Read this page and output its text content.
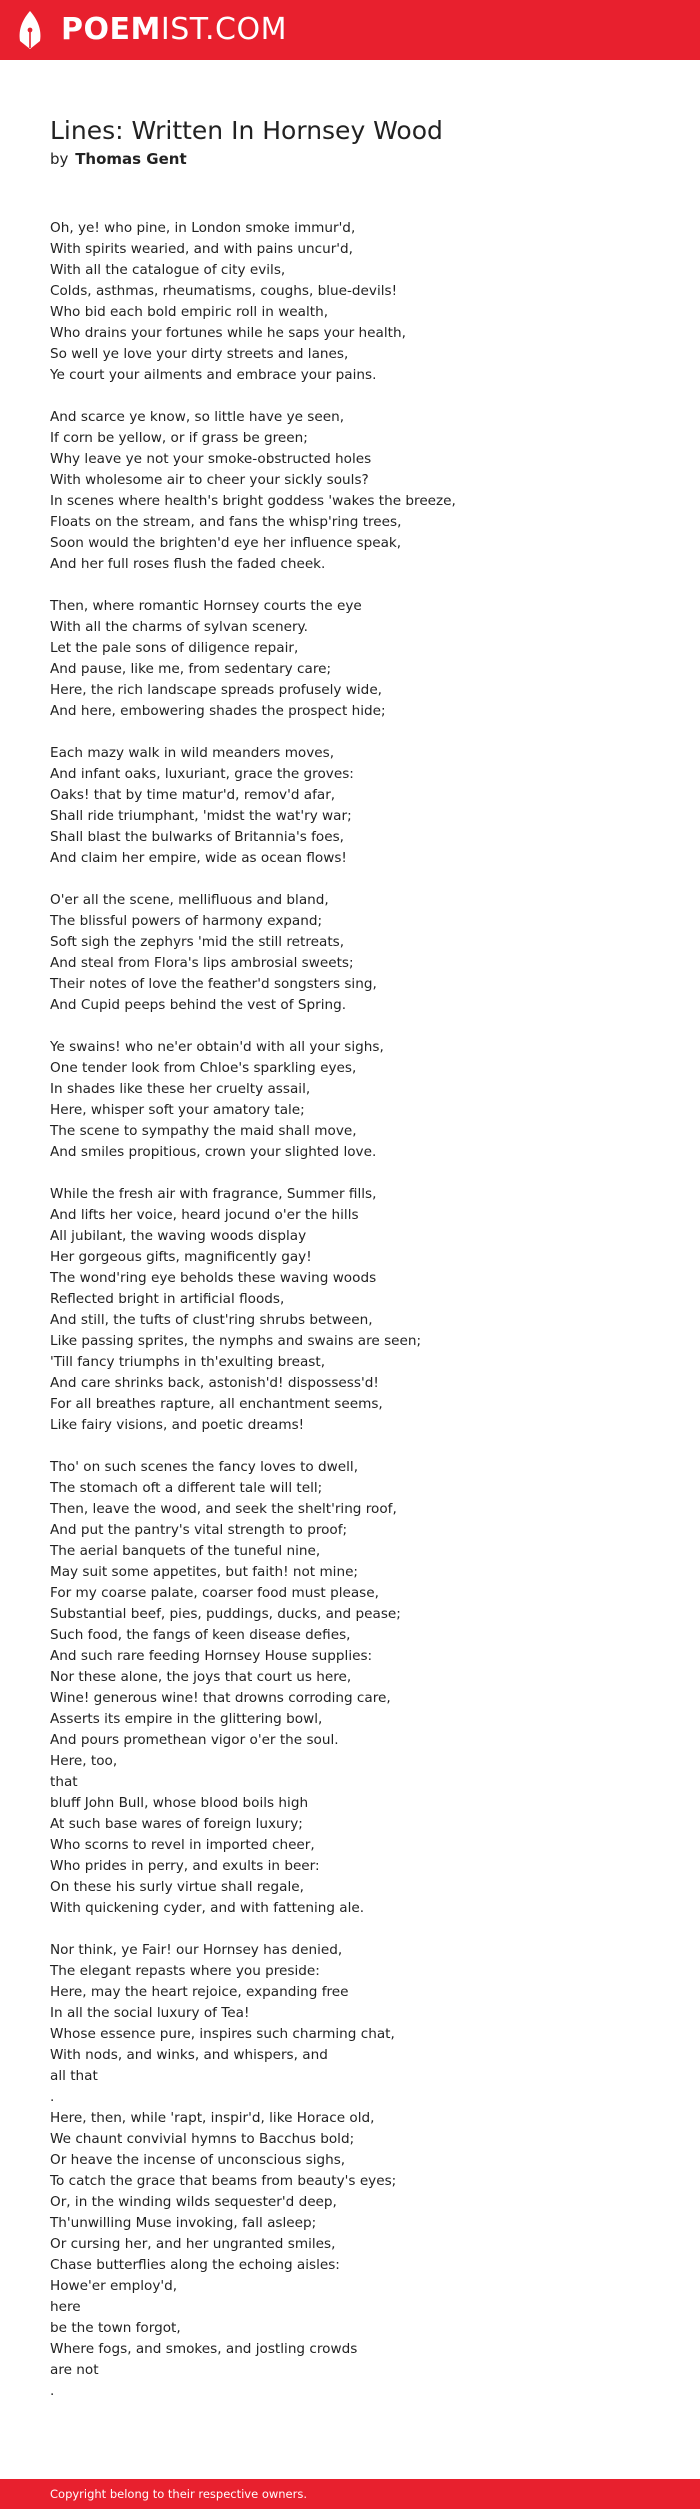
POEMIST.COM
Lines: Written In Hornsey Wood
by Thomas Gent
Oh, ye! who pine, in London smoke immur'd,
With spirits wearied, and with pains uncur'd,
With all the catalogue of city evils,
Colds, asthmas, rheumatisms, coughs, blue-devils!
Who bid each bold empiric roll in wealth,
Who drains your fortunes while he saps your health,
So well ye love your dirty streets and lanes,
Ye court your ailments and embrace your pains.
And scarce ye know, so little have ye seen,
If corn be yellow, or if grass be green;
Why leave ye not your smoke-obstructed holes
With wholesome air to cheer your sickly souls?
In scenes where health's bright goddess 'wakes the breeze,
Floats on the stream, and fans the whisp'ring trees,
Soon would the brighten'd eye her influence speak,
And her full roses flush the faded cheek.
Then, where romantic Hornsey courts the eye
With all the charms of sylvan scenery.
Let the pale sons of diligence repair,
And pause, like me, from sedentary care;
Here, the rich landscape spreads profusely wide,
And here, embowering shades the prospect hide;
Each mazy walk in wild meanders moves,
And infant oaks, luxuriant, grace the groves:
Oaks! that by time matur'd, remov'd afar,
Shall ride triumphant, 'midst the wat'ry war;
Shall blast the bulwarks of Britannia's foes,
And claim her empire, wide as ocean flows!
O'er all the scene, mellifluous and bland,
The blissful powers of harmony expand;
Soft sigh the zephyrs 'mid the still retreats,
And steal from Flora's lips ambrosial sweets;
Their notes of love the feather'd songsters sing,
And Cupid peeps behind the vest of Spring.
Ye swains! who ne'er obtain'd with all your sighs,
One tender look from Chloe's sparkling eyes,
In shades like these her cruelty assail,
Here, whisper soft your amatory tale;
The scene to sympathy the maid shall move,
And smiles propitious, crown your slighted love.
While the fresh air with fragrance, Summer fills,
And lifts her voice, heard jocund o'er the hills
All jubilant, the waving woods display
Her gorgeous gifts, magnificently gay!
The wond'ring eye beholds these waving woods
Reflected bright in artificial floods,
And still, the tufts of clust'ring shrubs between,
Like passing sprites, the nymphs and swains are seen;
'Till fancy triumphs in th'exulting breast,
And care shrinks back, astonish'd! dispossess'd!
For all breathes rapture, all enchantment seems,
Like fairy visions, and poetic dreams!
Tho' on such scenes the fancy loves to dwell,
The stomach oft a different tale will tell;
Then, leave the wood, and seek the shelt'ring roof,
And put the pantry's vital strength to proof;
The aerial banquets of the tuneful nine,
May suit some appetites, but faith! not mine;
For my coarse palate, coarser food must please,
Substantial beef, pies, puddings, ducks, and pease;
Such food, the fangs of keen disease defies,
And such rare feeding Hornsey House supplies:
Nor these alone, the joys that court us here,
Wine! generous wine! that drowns corroding care,
Asserts its empire in the glittering bowl,
And pours promethean vigor o'er the soul.
Here, too,
that
bluff John Bull, whose blood boils high
At such base wares of foreign luxury;
Who scorns to revel in imported cheer,
Who prides in perry, and exults in beer:
On these his surly virtue shall regale,
With quickening cyder, and with fattening ale.
Nor think, ye Fair! our Hornsey has denied,
The elegant repasts where you preside:
Here, may the heart rejoice, expanding free
In all the social luxury of Tea!
Whose essence pure, inspires such charming chat,
With nods, and winks, and whispers, and
all that
.
Here, then, while 'rapt, inspir'd, like Horace old,
We chaunt convivial hymns to Bacchus bold;
Or heave the incense of unconscious sighs,
To catch the grace that beams from beauty's eyes;
Or, in the winding wilds sequester'd deep,
Th'unwilling Muse invoking, fall asleep;
Or cursing her, and her ungranted smiles,
Chase butterflies along the echoing aisles:
Howe'er employ'd,
here
be the town forgot,
Where fogs, and smokes, and jostling crowds
are not
.
Copyright belong to their respective owners.
